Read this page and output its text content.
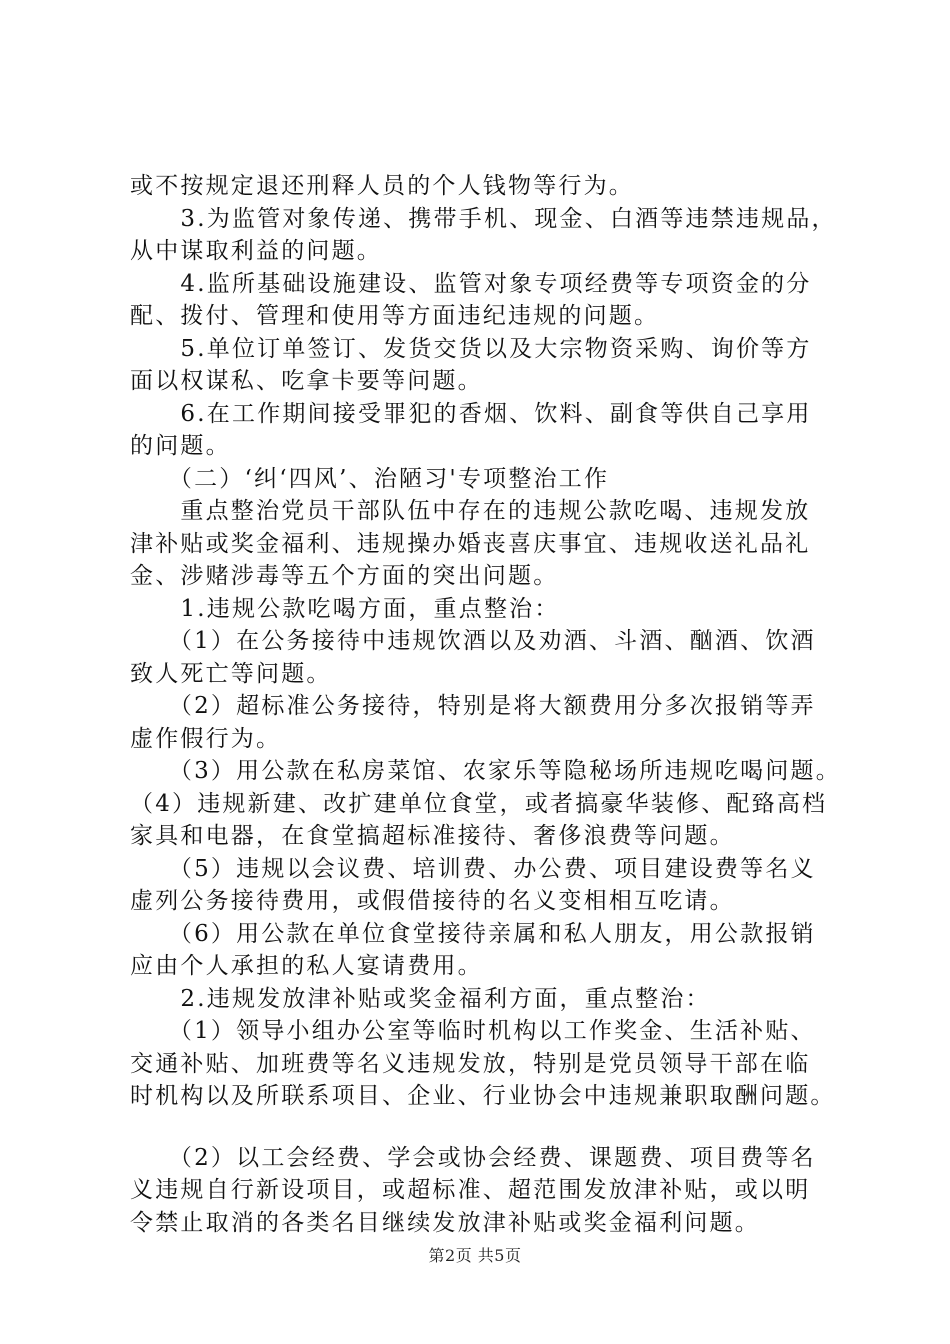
或不按规定退还刑释人员的个人钱物等行为。
　　3.为监管对象传递、携带手机、现金、白酒等违禁违规品，
从中谋取利益的问题。
　　4.监所基础设施建设、监管对象专项经费等专项资金的分
配、拨付、管理和使用等方面违纪违规的问题。
　　5.单位订单签订、发货交货以及大宗物资采购、询价等方
面以权谋私、吃拿卡要等问题。
　　6.在工作期间接受罪犯的香烟、饮料、副食等供自己享用
的问题。
　　（二）‘纠‘四风’、治陋习'专项整治工作
　　重点整治党员干部队伍中存在的违规公款吃喝、违规发放
津补贴或奖金福利、违规操办婚丧喜庆事宜、违规收送礼品礼
金、涉赌涉毒等五个方面的突出问题。
　　1.违规公款吃喝方面，重点整治：
　　（1）在公务接待中违规饮酒以及劝酒、斗酒、酗酒、饮酒
致人死亡等问题。
　　（2）超标准公务接待，特别是将大额费用分多次报销等弄
虚作假行为。
　　（3）用公款在私房菜馆、农家乐等隐秘场所违规吃喝问题。
（4）违规新建、改扩建单位食堂，或者搞豪华装修、配臵高档
家具和电器，在食堂搞超标准接待、奢侈浪费等问题。
　　（5）违规以会议费、培训费、办公费、项目建设费等名义
虚列公务接待费用，或假借接待的名义变相相互吃请。
　　（6）用公款在单位食堂接待亲属和私人朋友，用公款报销
应由个人承担的私人宴请费用。
　　2.违规发放津补贴或奖金福利方面，重点整治：
　　（1）领导小组办公室等临时机构以工作奖金、生活补贴、
交通补贴、加班费等名义违规发放，特别是党员领导干部在临
时机构以及所联系项目、企业、行业协会中违规兼职取酬问题。
　　（2）以工会经费、学会或协会经费、课题费、项目费等名
义违规自行新设项目，或超标准、超范围发放津补贴，或以明
令禁止取消的各类名目继续发放津补贴或奖金福利问题。
第2页 共5页
